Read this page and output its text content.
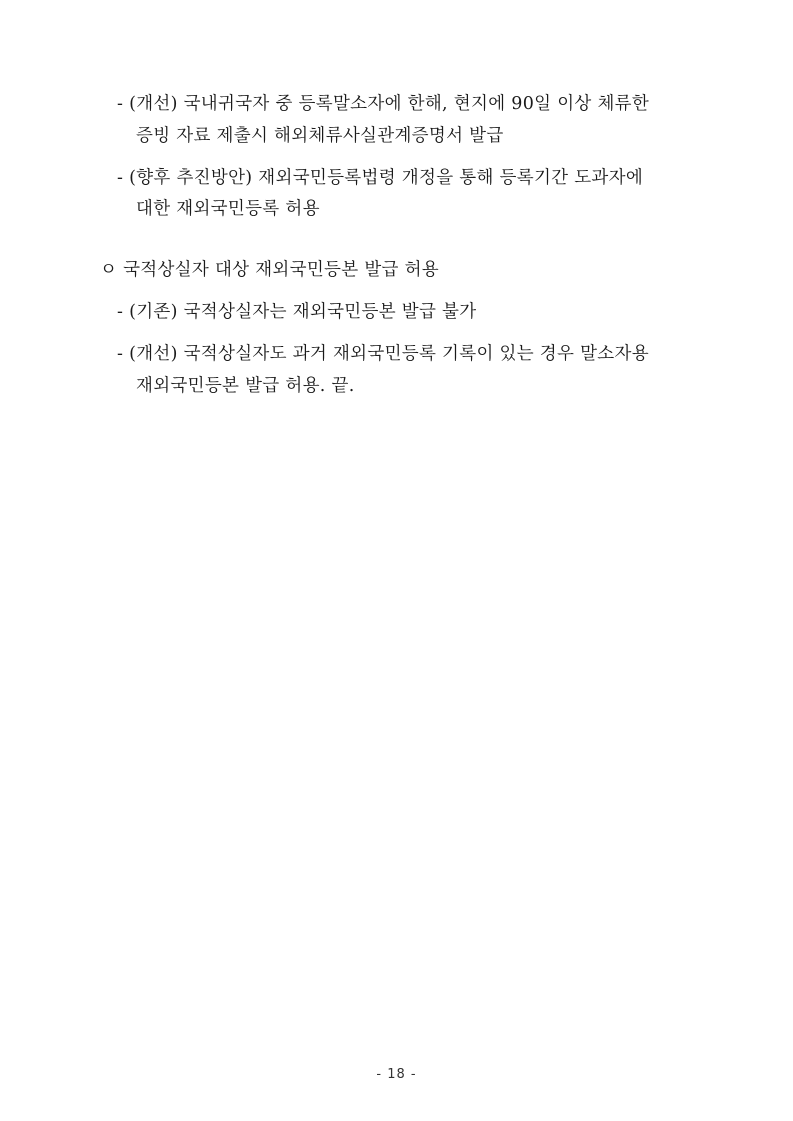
- (개선) 국내귀국자 중 등록말소자에 한해, 현지에 90일 이상 체류한
증빙 자료 제출시 해외체류사실관계증명서 발급
- (향후 추진방안) 재외국민등록법령 개정을 통해 등록기간 도과자에
대한 재외국민등록 허용
ㅇ 국적상실자 대상 재외국민등본 발급 허용
- (기존) 국적상실자는 재외국민등본 발급 불가
- (개선) 국적상실자도 과거 재외국민등록 기록이 있는 경우 말소자용
재외국민등본 발급 허용. 끝.
- 18 -
